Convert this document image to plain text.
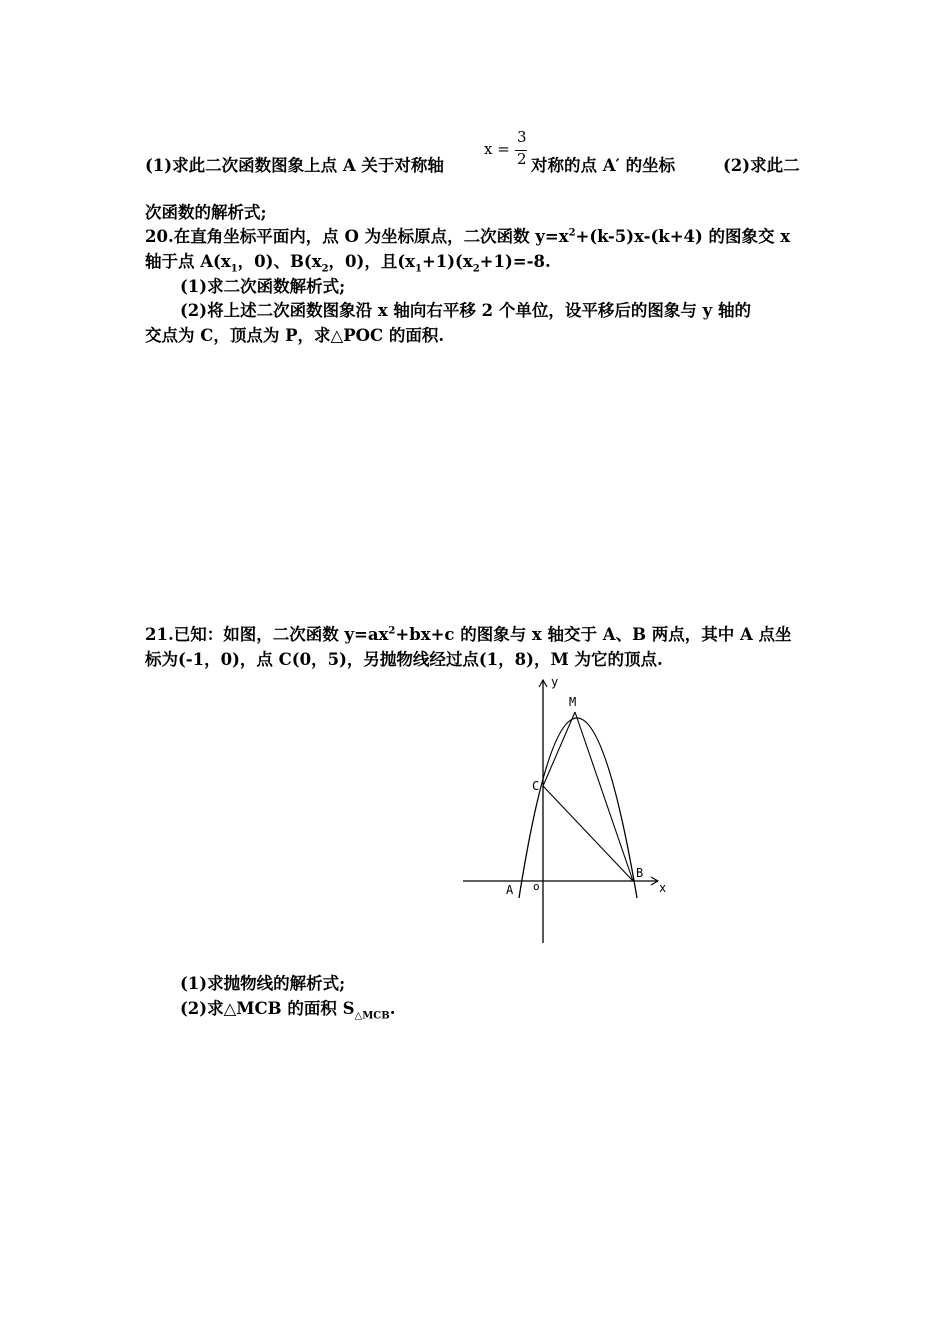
(1)求此二次函数图象上点 A 关于对称轴
x =
3
2 对称的点 A′ 的坐标	(2)求此二
次函数的解析式;
20.在直角坐标平面内，点 O 为坐标原点，二次函数 $y=x^2+(k-5)x-(k+4)$ 的图象交 x
轴于点 $A(x_1$，0)、$B(x_2$，0)，且$(x_1+1)(x_2+1)=-8$.
(1)求二次函数解析式;
(2)将上述二次函数图象沿 x 轴向右平移 2 个单位，设平移后的图象与 y 轴的
交点为 C，顶点为 P，求△POC 的面积.
21.已知：如图，二次函数 $y=ax^2+bx+c$ 的图象与 x 轴交于 A、B 两点，其中 A 点坐
标为(-1，0)，点 C(0，5)，另抛物线经过点(1，8)，M 为它的顶点.
y
M
C
A o
B
x
(1)求抛物线的解析式;
(2)求△MCB 的面积 $S_{\triangle MCB}$.
